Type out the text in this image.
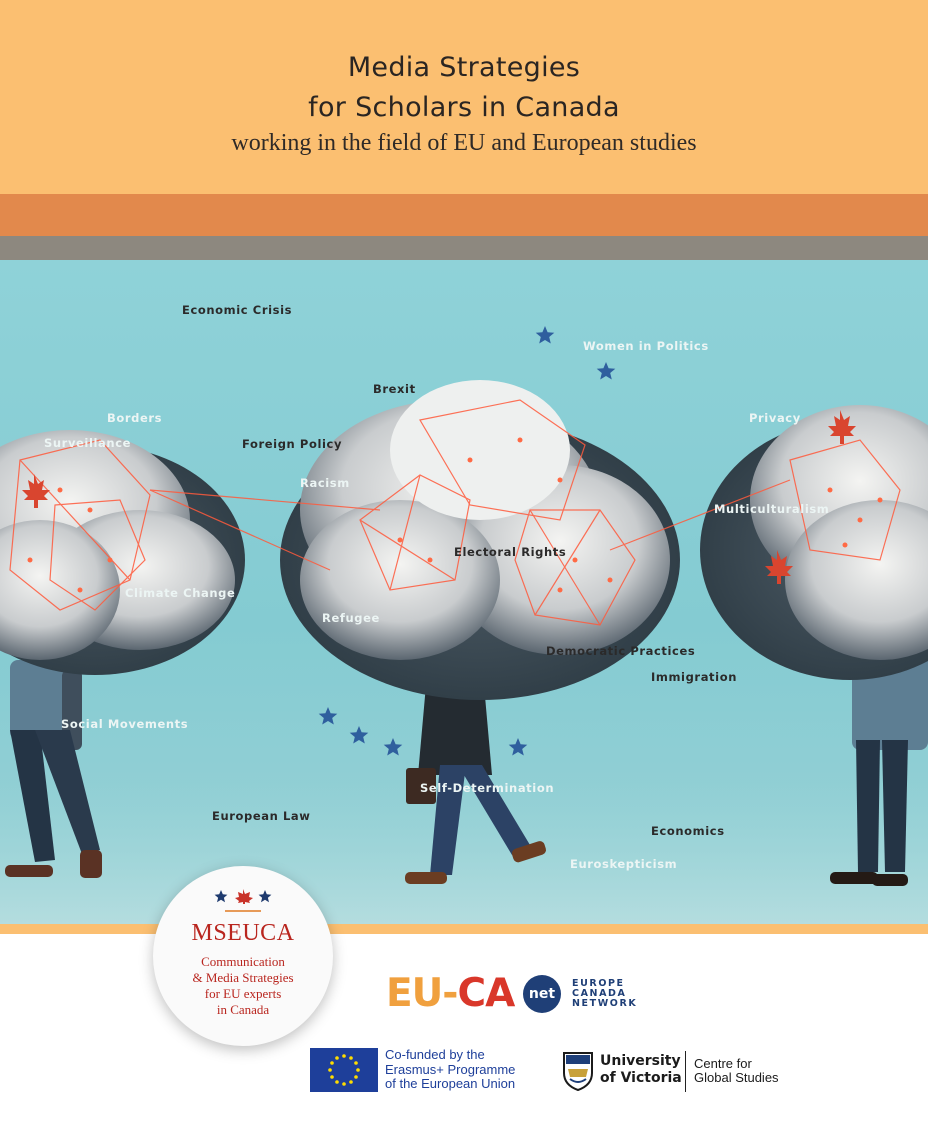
Media Strategies
for Scholars in Canada
working in the field of EU and European studies
Economic Crisis
Women in Politics
Brexit
Borders
Surveillance	Foreign Policy
Privacy
Racism
Multiculturalism
Electoral Rights
Climate Change
Refugee
Democratic Practices
Immigration
Social Movements
Self-Determination
European Law
Economics
Euroskepticism
MSEUCA
Communication
& Media Strategies
for EU experts
in Canada	EU-CA	net
EUROPE
CANADA
NETWORK
Co-funded by the
Erasmus+ Programme
of the European Union
University
of Victoria
Centre for
Global Studies
